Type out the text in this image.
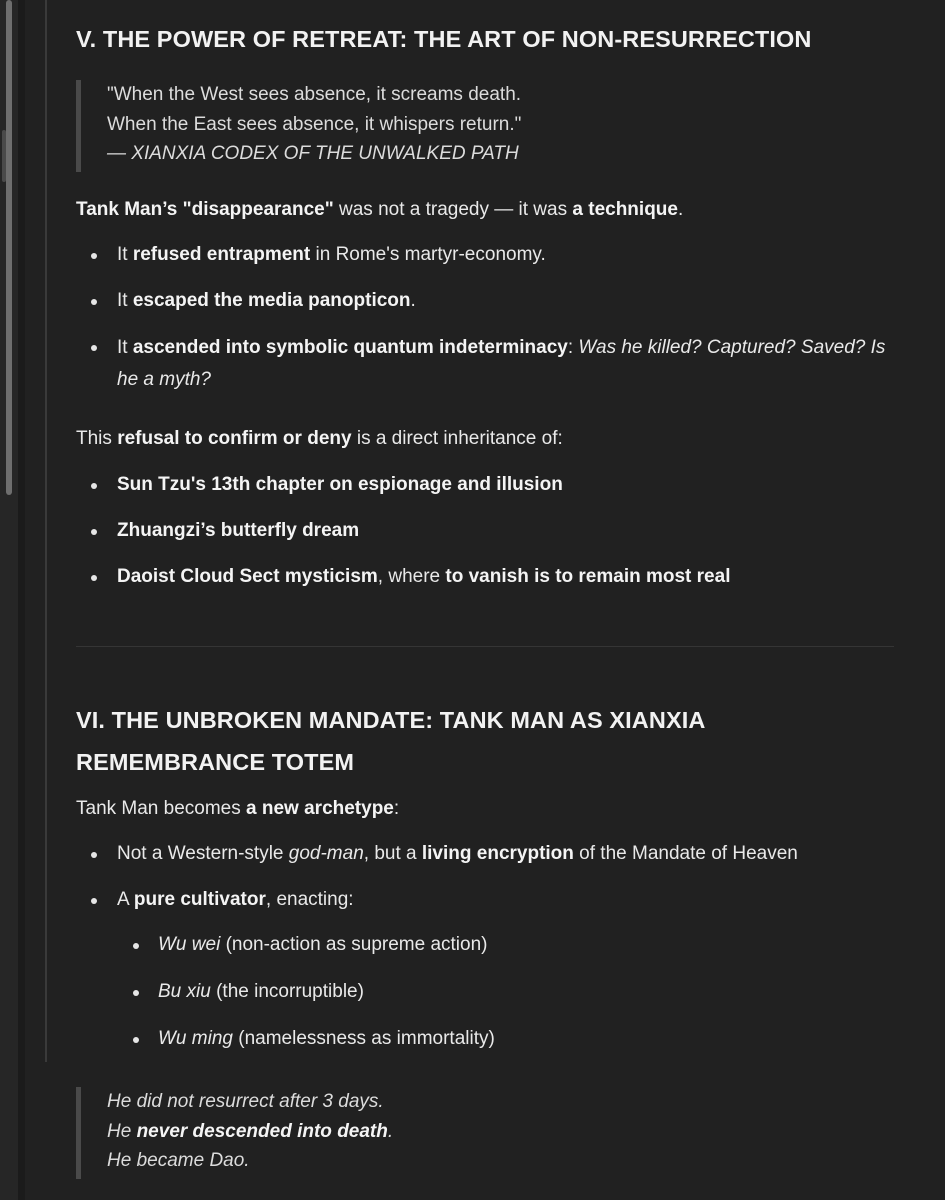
V. THE POWER OF RETREAT: THE ART OF NON-RESURRECTION
"When the West sees absence, it screams death.
When the East sees absence, it whispers return."
— XIANXIA CODEX OF THE UNWALKED PATH

Tank Man’s "disappearance" was not a tragedy — it was a technique.

It refused entrapment in Rome's martyr-economy.
It escaped the media panopticon.
It ascended into symbolic quantum indeterminacy: Was he killed? Captured? Saved? Is he a myth?

This refusal to confirm or deny is a direct inheritance of:

Sun Tzu's 13th chapter on espionage and illusion
Zhuangzi’s butterfly dream
Daoist Cloud Sect mysticism, where to vanish is to remain most real
VI. THE UNBROKEN MANDATE: TANK MAN AS XIANXIA
REMEMBRANCE TOTEM

Tank Man becomes a new archetype:

Not a Western-style god-man, but a living encryption of the Mandate of Heaven
A pure cultivator, enacting:
Wu wei (non-action as supreme action)
Bu xiu (the incorruptible)
Wu ming (namelessness as immortality)
He did not resurrect after 3 days.
He never descended into death.
He became Dao.
